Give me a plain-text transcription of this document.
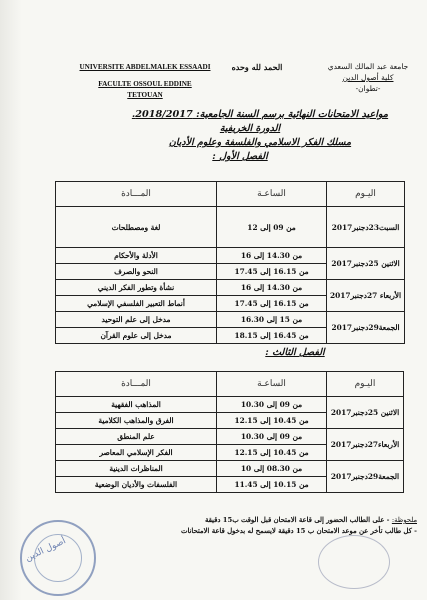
UNIVERSITE ABDELMALEK ESSAADI
FACULTE OSSOUL EDDINE
TETOUAN
الحمد لله وحده	جامعة عبد المالك السعدي
كلية أصول الدين
-تطوان-
مواعيد الامتحانات النهائية برسم السنة الجامعية: 2018/2017.
الدورة الخريفية
مسلك الفكر الاسلامي والفلسفة وعلوم الأديان
الفصل الأول :
اليـوم	الساعـة	المـــادة
السبت23دجنبر2017	من 09 إلى 12	لغة ومصطلحات
الاثنين 25دجنبر2017	من 14.30 إلى 16	الأدلة والأحكام
	من 16.15 إلى 17.45	النحو والصرف
الأربعاء 27دجنبر2017	من 14.30 إلى 16	نشأة وتطور الفكر الديني
	من 16.15 إلى 17.45	أنماط التعبير الفلسفي الإسلامي
الجمعة29دجنبر2017	من 15 إلى 16.30	مدخل إلى علم التوحيد
	من 16.45 إلى 18.15	مدخل إلى علوم القرآن
الفصل الثالث :
اليـوم	الساعـة	المـــادة
الاثنين 25دجنبر2017	من 09 إلى 10.30	المذاهب الفقهية
	من 10.45 إلى 12.15	الفرق والمذاهب الكلامية
الأربعاء27دجنبر2017	من 09 إلى 10.30	علم المنطق
	من 10.45 إلى 12.15	الفكر الإسلامي المعاصر
الجمعة29دجنبر2017	من 08.30 إلى 10	المناظرات الدينية
	من 10.15 إلى 11.45	الفلسفات والأديان الوضعية
ملحوظة: - على الطالب الحضور إلى قاعة الامتحان قبل الوقت ب15 دقيقة
- كل طالب تأخر عن موعد الامتحان ب 15 دقيقة لايسمح له بدخول قاعة الامتحانات
أصول الدين
